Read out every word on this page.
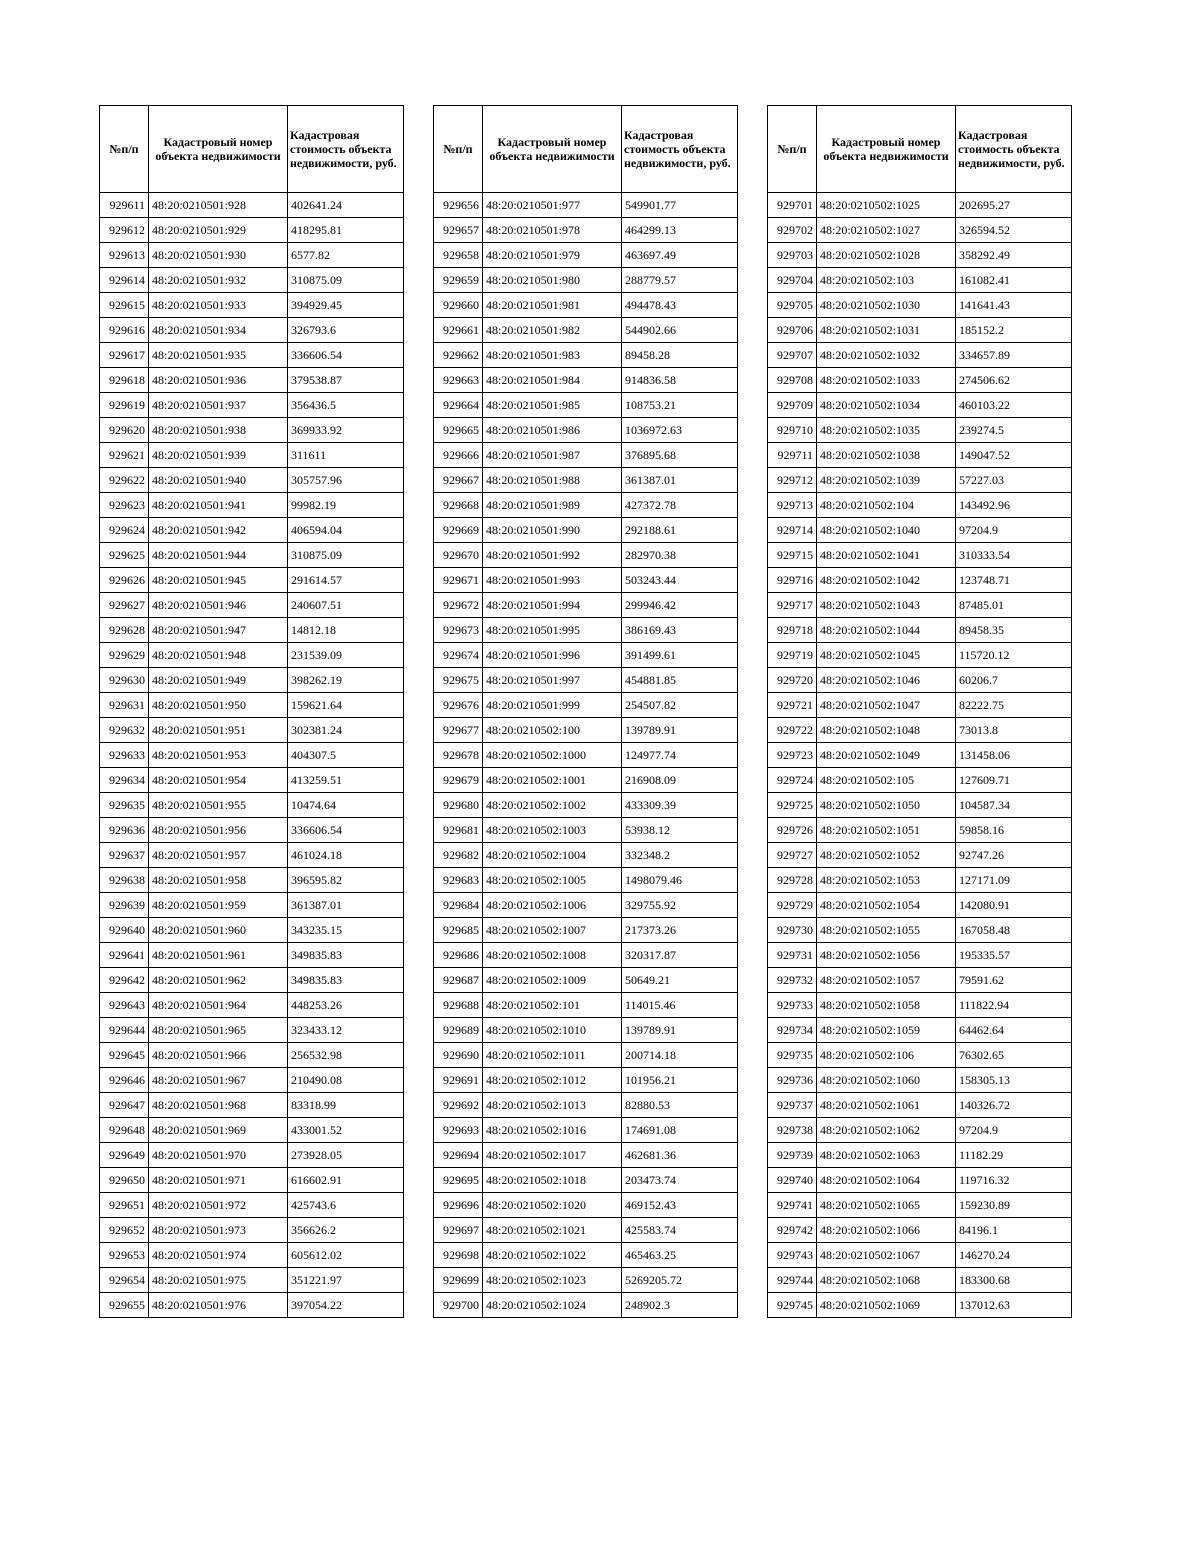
№п/п	Кадастровый номер объекта недвижимости	Кадастровая стоимость объекта недвижимости, руб.
929611	48:20:0210501:928	402641.24
929612	48:20:0210501:929	418295.81
929613	48:20:0210501:930	6577.82
929614	48:20:0210501:932	310875.09
929615	48:20:0210501:933	394929.45
929616	48:20:0210501:934	326793.6
929617	48:20:0210501:935	336606.54
929618	48:20:0210501:936	379538.87
929619	48:20:0210501:937	356436.5
929620	48:20:0210501:938	369933.92
929621	48:20:0210501:939	311611
929622	48:20:0210501:940	305757.96
929623	48:20:0210501:941	99982.19
929624	48:20:0210501:942	406594.04
929625	48:20:0210501:944	310875.09
929626	48:20:0210501:945	291614.57
929627	48:20:0210501:946	240607.51
929628	48:20:0210501:947	14812.18
929629	48:20:0210501:948	231539.09
929630	48:20:0210501:949	398262.19
929631	48:20:0210501:950	159621.64
929632	48:20:0210501:951	302381.24
929633	48:20:0210501:953	404307.5
929634	48:20:0210501:954	413259.51
929635	48:20:0210501:955	10474.64
929636	48:20:0210501:956	336606.54
929637	48:20:0210501:957	461024.18
929638	48:20:0210501:958	396595.82
929639	48:20:0210501:959	361387.01
929640	48:20:0210501:960	343235.15
929641	48:20:0210501:961	349835.83
929642	48:20:0210501:962	349835.83
929643	48:20:0210501:964	448253.26
929644	48:20:0210501:965	323433.12
929645	48:20:0210501:966	256532.98
929646	48:20:0210501:967	210490.08
929647	48:20:0210501:968	83318.99
929648	48:20:0210501:969	433001.52
929649	48:20:0210501:970	273928.05
929650	48:20:0210501:971	616602.91
929651	48:20:0210501:972	425743.6
929652	48:20:0210501:973	356626.2
929653	48:20:0210501:974	605612.02
929654	48:20:0210501:975	351221.97
929655	48:20:0210501:976	397054.22
№п/п	Кадастровый номер объекта недвижимости	Кадастровая стоимость объекта недвижимости, руб.
929656	48:20:0210501:977	549901.77
929657	48:20:0210501:978	464299.13
929658	48:20:0210501:979	463697.49
929659	48:20:0210501:980	288779.57
929660	48:20:0210501:981	494478.43
929661	48:20:0210501:982	544902.66
929662	48:20:0210501:983	89458.28
929663	48:20:0210501:984	914836.58
929664	48:20:0210501:985	108753.21
929665	48:20:0210501:986	1036972.63
929666	48:20:0210501:987	376895.68
929667	48:20:0210501:988	361387.01
929668	48:20:0210501:989	427372.78
929669	48:20:0210501:990	292188.61
929670	48:20:0210501:992	282970.38
929671	48:20:0210501:993	503243.44
929672	48:20:0210501:994	299946.42
929673	48:20:0210501:995	386169.43
929674	48:20:0210501:996	391499.61
929675	48:20:0210501:997	454881.85
929676	48:20:0210501:999	254507.82
929677	48:20:0210502:100	139789.91
929678	48:20:0210502:1000	124977.74
929679	48:20:0210502:1001	216908.09
929680	48:20:0210502:1002	433309.39
929681	48:20:0210502:1003	53938.12
929682	48:20:0210502:1004	332348.2
929683	48:20:0210502:1005	1498079.46
929684	48:20:0210502:1006	329755.92
929685	48:20:0210502:1007	217373.26
929686	48:20:0210502:1008	320317.87
929687	48:20:0210502:1009	50649.21
929688	48:20:0210502:101	114015.46
929689	48:20:0210502:1010	139789.91
929690	48:20:0210502:1011	200714.18
929691	48:20:0210502:1012	101956.21
929692	48:20:0210502:1013	82880.53
929693	48:20:0210502:1016	174691.08
929694	48:20:0210502:1017	462681.36
929695	48:20:0210502:1018	203473.74
929696	48:20:0210502:1020	469152.43
929697	48:20:0210502:1021	425583.74
929698	48:20:0210502:1022	465463.25
929699	48:20:0210502:1023	5269205.72
929700	48:20:0210502:1024	248902.3
№п/п	Кадастровый номер объекта недвижимости	Кадастровая стоимость объекта недвижимости, руб.
929701	48:20:0210502:1025	202695.27
929702	48:20:0210502:1027	326594.52
929703	48:20:0210502:1028	358292.49
929704	48:20:0210502:103	161082.41
929705	48:20:0210502:1030	141641.43
929706	48:20:0210502:1031	185152.2
929707	48:20:0210502:1032	334657.89
929708	48:20:0210502:1033	274506.62
929709	48:20:0210502:1034	460103.22
929710	48:20:0210502:1035	239274.5
929711	48:20:0210502:1038	149047.52
929712	48:20:0210502:1039	57227.03
929713	48:20:0210502:104	143492.96
929714	48:20:0210502:1040	97204.9
929715	48:20:0210502:1041	310333.54
929716	48:20:0210502:1042	123748.71
929717	48:20:0210502:1043	87485.01
929718	48:20:0210502:1044	89458.35
929719	48:20:0210502:1045	115720.12
929720	48:20:0210502:1046	60206.7
929721	48:20:0210502:1047	82222.75
929722	48:20:0210502:1048	73013.8
929723	48:20:0210502:1049	131458.06
929724	48:20:0210502:105	127609.71
929725	48:20:0210502:1050	104587.34
929726	48:20:0210502:1051	59858.16
929727	48:20:0210502:1052	92747.26
929728	48:20:0210502:1053	127171.09
929729	48:20:0210502:1054	142080.91
929730	48:20:0210502:1055	167058.48
929731	48:20:0210502:1056	195335.57
929732	48:20:0210502:1057	79591.62
929733	48:20:0210502:1058	111822.94
929734	48:20:0210502:1059	64462.64
929735	48:20:0210502:106	76302.65
929736	48:20:0210502:1060	158305.13
929737	48:20:0210502:1061	140326.72
929738	48:20:0210502:1062	97204.9
929739	48:20:0210502:1063	11182.29
929740	48:20:0210502:1064	119716.32
929741	48:20:0210502:1065	159230.89
929742	48:20:0210502:1066	84196.1
929743	48:20:0210502:1067	146270.24
929744	48:20:0210502:1068	183300.68
929745	48:20:0210502:1069	137012.63
